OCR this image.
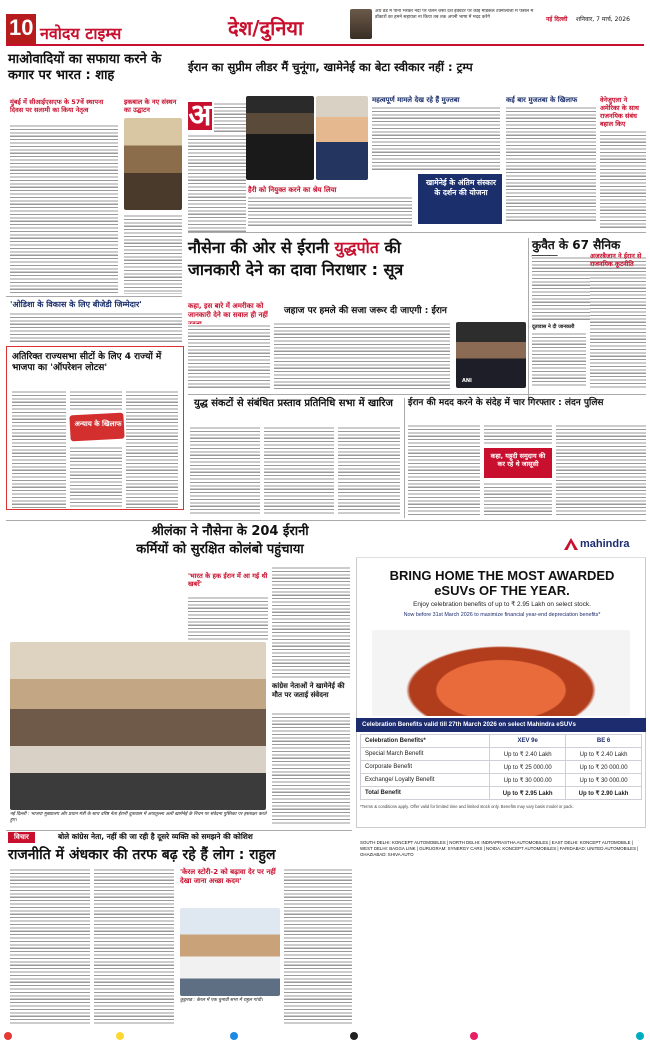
10 नवोदय टाइम्स	देश/दुनिया
अर्थ डंडे में पानी भरकर नदी पर चलने जैसा देश इक्वेटर पर कोई मेडिकल टेक्नोलॉजी में फैसले में डॉक्टरों का हमने सहायता ना किया तब तक अपनी भाषा में मदद करेंगे	नई दिल्ली शनिवार, 7 मार्च, 2026
माओवादियों का सफाया करने के कगार पर भारत : शाह
मुंबई में सीआईएसएफ के 57वें स्थापना दिवस पर सलामी का किया नेतृत्व
इकबाल के नए संस्थन का उद्घाटन
'ओडिशा के विकास के लिए बीजेडी जिम्मेदार'
अतिरिक्त राज्यसभा सीटों के लिए 4 राज्यों में भाजपा का 'ऑपरेशन लोटस'
अन्याय के खिलाफ
अ
ईरान का सुप्रीम लीडर मैं चुनूंगा, खामेनेई का बेटा स्वीकार नहीं : ट्रम्प
महत्वपूर्ण मामले देख रहे हैं मुज्तबा	कई बार मुजतबा के खिलाफ	वेनेजुएला ने अमेरिका के साथ राजनयिक संबंध बहाल किए
हैरी को नियुक्त करने का श्रेय लिया
खामेनेई के अंतिम संस्कार के दर्शन की योजना
नौसेना की ओर से ईरानी युद्धपोत की
जानकारी देने का दावा निराधार : सूत्र
कहा, इस बारे में अमरीका को जानकारी देने का सवाल ही नहीं जहाज पर हमले की सजा जरूर दी जाएगी : ईरान
ANI
कुवैत के 67 सैनिक
दूतावास ने दी जानकारी
अजरबैजान ने ईरान से राजनयिक कूटनीति
युद्ध संकटों से संबंधित प्रस्ताव प्रतिनिधि सभा में खारिज ईरान की मदद करने के संदेह में चार गिरफ्तार : लंदन पुलिस
कहा, यहूदी समुदाय की कर रहे थे जासूसी
श्रीलंका ने नौसेना के 204 ईरानी
कर्मियों को सुरक्षित कोलंबो पहुंचाया
'भारत के हक ईरान में आ गई थी खबरें'
कांग्रेस नेताओं ने खामेनेई की मौत पर जताई संवेदना
नई दिल्ली : भाजपा मुख्यालय और प्रधान मंत्री के साथ वरिष्ठ नेता ईरानी दूतावास में अयातुल्ला अली खामेनेई के निधन पर संवेदना पुस्तिका पर हस्ताक्षर करते हुए।
mahindra
BRING HOME THE MOST AWARDED eSUVs OF THE YEAR.
Enjoy celebration benefits of up to ₹ 2.95 Lakh on select stock.
Now before 31st March 2026 to maximize financial year-end depreciation benefits*
Celebration Benefits valid till 27th March 2026 on select Mahindra eSUVs
Celebration Benefits*	XEV 9e	BE 6
Special March Benefit	Up to ₹ 2.40 Lakh	Up to ₹ 2.40 Lakh
Corporate Benefit	Up to ₹ 25 000.00	Up to ₹ 20 000.00
Exchange/ Loyalty Benefit	Up to ₹ 30 000.00	Up to ₹ 30 000.00
Total Benefit	Up to ₹ 2.95 Lakh	Up to ₹ 2.90 Lakh
*Terms & conditions apply. Offer valid for limited time and limited stock only. Benefits may vary basis model or pack.
SOUTH DELHI: KONCEPT AUTOMOBILES | NORTH DELHI: INDRAPRASTHA AUTOMOBILES | EAST DELHI: KONCEPT AUTOMOBILE | WEST DELHI: BAGGA LINK | GURUGRAM: SYNERGY CARS | NOIDA: KONCEPT AUTOMOBILES | FARIDABAD: UNITED AUTOMOBILES | GHAZIABAD: SHIVA AUTO
विचार	बोले कांग्रेस नेता, नहीं की जा रही है दूसरे व्यक्ति को समझने की कोशिश
राजनीति में अंधकार की तरफ बढ़ रहे हैं लोग : राहुल
'केरल स्टोरी-2 को बढ़ावा देर पर नहीं देखा जाना अच्छा कदम'
कुट्टनाड : केरल में एक चुनावी सभा में राहुल गांधी।
